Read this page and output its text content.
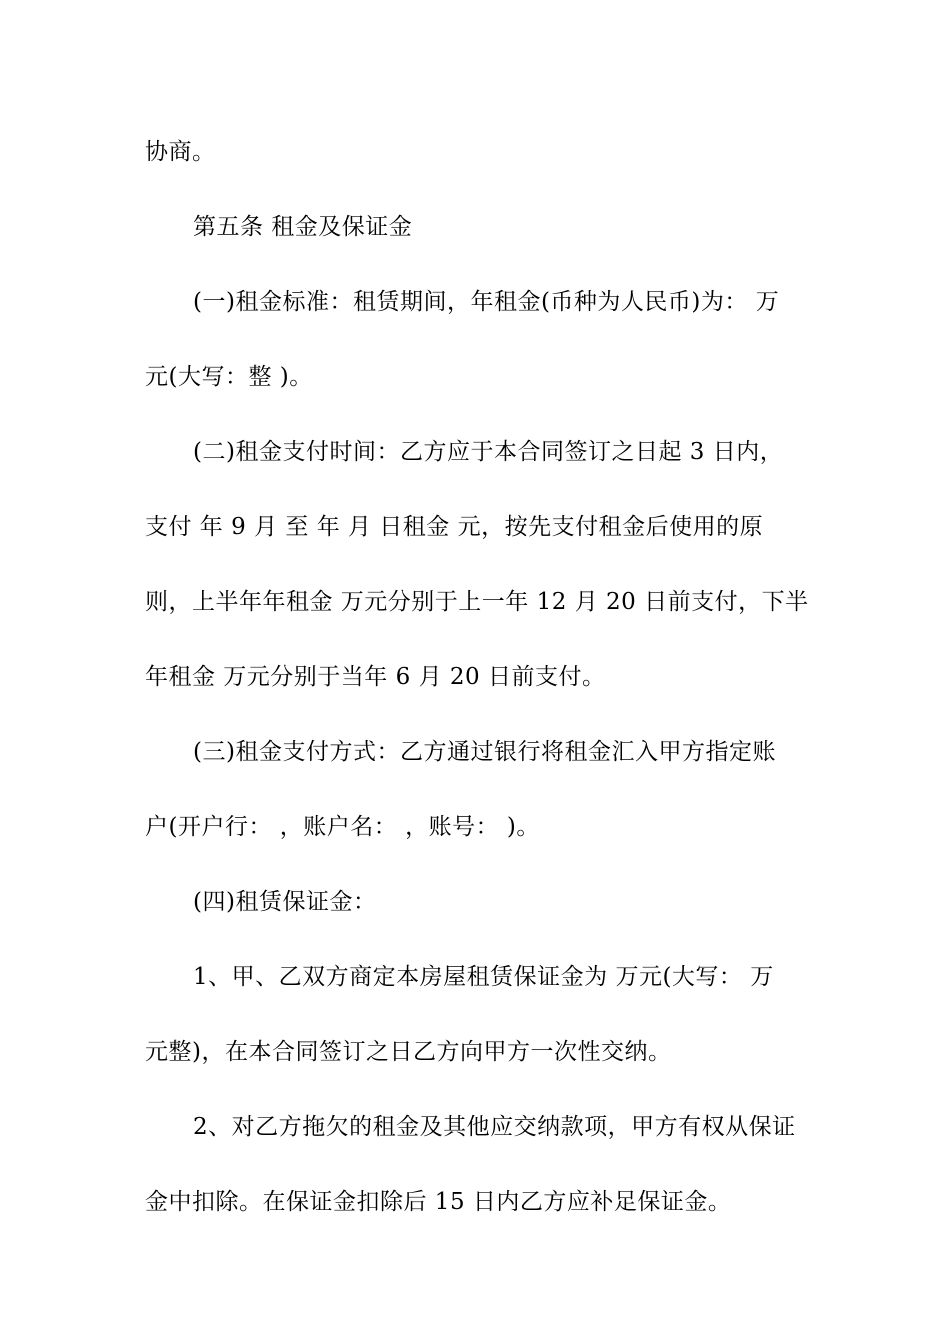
协商。
第五条 租金及保证金
(一)租金标准：租赁期间，年租金(币种为人民币)为： 万
元(大写：整 )。
(二)租金支付时间：乙方应于本合同签订之日起 3 日内，
支付 年 9 月 至 年 月 日租金 元，按先支付租金后使用的原
则，上半年年租金 万元分别于上一年 12 月 20 日前支付，下半
年租金 万元分别于当年 6 月 20 日前支付。
(三)租金支付方式：乙方通过银行将租金汇入甲方指定账
户(开户行： ，账户名： ，账号： )。
(四)租赁保证金：
1、甲、乙双方商定本房屋租赁保证金为 万元(大写： 万
元整)，在本合同签订之日乙方向甲方一次性交纳。
2、对乙方拖欠的租金及其他应交纳款项，甲方有权从保证
金中扣除。在保证金扣除后 15 日内乙方应补足保证金。
